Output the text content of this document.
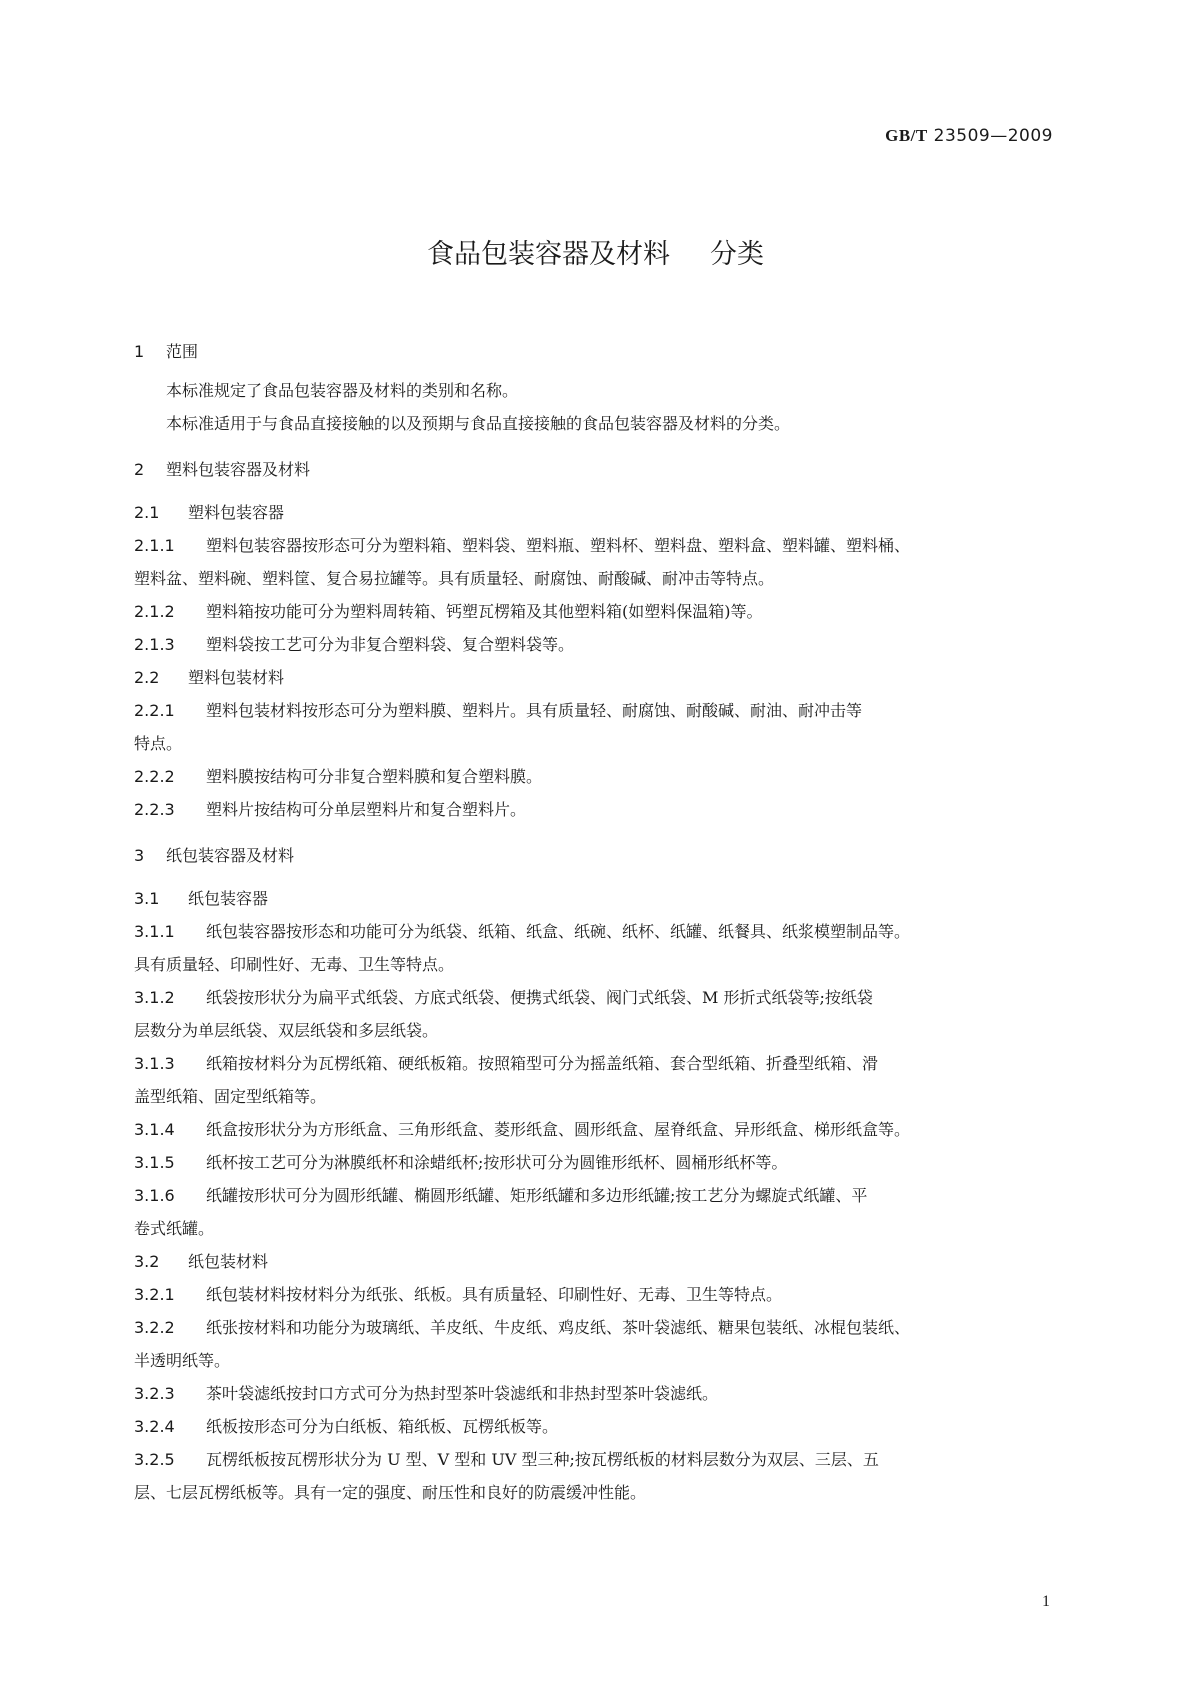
GB/T 23509—2009
食品包装容器及材料 分类
1 范围
本标准规定了食品包装容器及材料的类别和名称。
本标准适用于与食品直接接触的以及预期与食品直接接触的食品包装容器及材料的分类。
2 塑料包装容器及材料
2.1 塑料包装容器
2.1.1 塑料包装容器按形态可分为塑料箱、塑料袋、塑料瓶、塑料杯、塑料盘、塑料盒、塑料罐、塑料桶、
塑料盆、塑料碗、塑料筐、复合易拉罐等。具有质量轻、耐腐蚀、耐酸碱、耐冲击等特点。
2.1.2 塑料箱按功能可分为塑料周转箱、钙塑瓦楞箱及其他塑料箱(如塑料保温箱)等。
2.1.3 塑料袋按工艺可分为非复合塑料袋、复合塑料袋等。
2.2 塑料包装材料
2.2.1 塑料包装材料按形态可分为塑料膜、塑料片。具有质量轻、耐腐蚀、耐酸碱、耐油、耐冲击等
特点。
2.2.2 塑料膜按结构可分非复合塑料膜和复合塑料膜。
2.2.3 塑料片按结构可分单层塑料片和复合塑料片。
3 纸包装容器及材料
3.1 纸包装容器
3.1.1 纸包装容器按形态和功能可分为纸袋、纸箱、纸盒、纸碗、纸杯、纸罐、纸餐具、纸浆模塑制品等。
具有质量轻、印刷性好、无毒、卫生等特点。
3.1.2 纸袋按形状分为扁平式纸袋、方底式纸袋、便携式纸袋、阀门式纸袋、M 形折式纸袋等;按纸袋
层数分为单层纸袋、双层纸袋和多层纸袋。
3.1.3 纸箱按材料分为瓦楞纸箱、硬纸板箱。按照箱型可分为摇盖纸箱、套合型纸箱、折叠型纸箱、滑
盖型纸箱、固定型纸箱等。
3.1.4 纸盒按形状分为方形纸盒、三角形纸盒、菱形纸盒、圆形纸盒、屋脊纸盒、异形纸盒、梯形纸盒等。
3.1.5 纸杯按工艺可分为淋膜纸杯和涂蜡纸杯;按形状可分为圆锥形纸杯、圆桶形纸杯等。
3.1.6 纸罐按形状可分为圆形纸罐、椭圆形纸罐、矩形纸罐和多边形纸罐;按工艺分为螺旋式纸罐、平
卷式纸罐。
3.2 纸包装材料
3.2.1 纸包装材料按材料分为纸张、纸板。具有质量轻、印刷性好、无毒、卫生等特点。
3.2.2 纸张按材料和功能分为玻璃纸、羊皮纸、牛皮纸、鸡皮纸、茶叶袋滤纸、糖果包装纸、冰棍包装纸、
半透明纸等。
3.2.3 茶叶袋滤纸按封口方式可分为热封型茶叶袋滤纸和非热封型茶叶袋滤纸。
3.2.4 纸板按形态可分为白纸板、箱纸板、瓦楞纸板等。
3.2.5 瓦楞纸板按瓦楞形状分为 U 型、V 型和 UV 型三种;按瓦楞纸板的材料层数分为双层、三层、五
层、七层瓦楞纸板等。具有一定的强度、耐压性和良好的防震缓冲性能。
1
